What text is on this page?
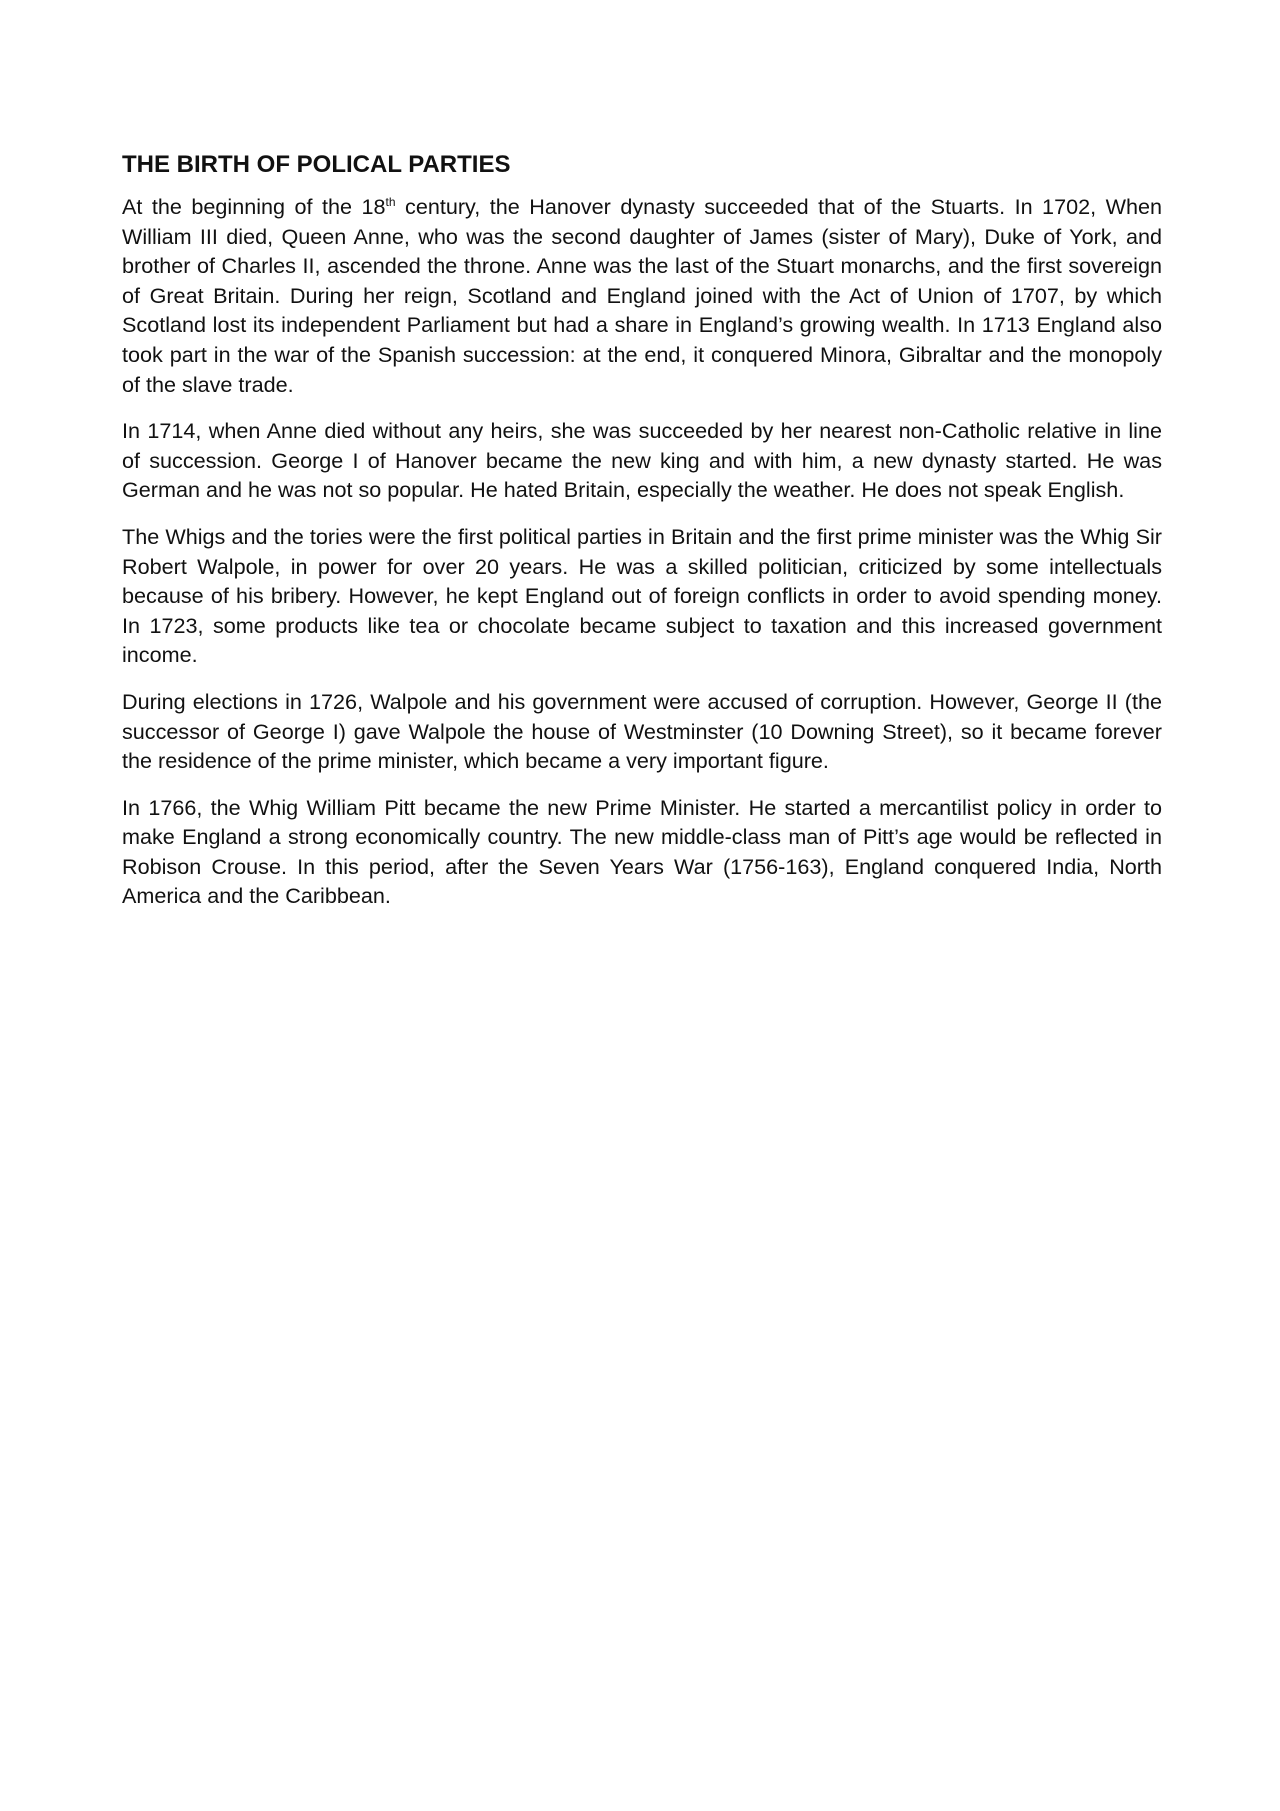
THE BIRTH OF POLICAL PARTIES

At the beginning of the 18th century, the Hanover dynasty succeeded that of the Stuarts. In 1702, When William III died, Queen Anne, who was the second daughter of James (sister of Mary), Duke of York, and brother of Charles II, ascended the throne. Anne was the last of the Stuart monarchs, and the first sovereign of Great Britain. During her reign, Scotland and England joined with the Act of Union of 1707, by which Scotland lost its independent Parliament but had a share in England’s growing wealth. In 1713 England also took part in the war of the Spanish succession: at the end, it conquered Minora, Gibraltar and the monopoly of the slave trade.

In 1714, when Anne died without any heirs, she was succeeded by her nearest non-Catholic relative in line of succession. George I of Hanover became the new king and with him, a new dynasty started. He was German and he was not so popular. He hated Britain, especially the weather. He does not speak English.

The Whigs and the tories were the first political parties in Britain and the first prime minister was the Whig Sir Robert Walpole, in power for over 20 years. He was a skilled politician, criticized by some intellectuals because of his bribery. However, he kept England out of foreign conflicts in order to avoid spending money. In 1723, some products like tea or chocolate became subject to taxation and this increased government income.

During elections in 1726, Walpole and his government were accused of corruption. However, George II (the successor of George I) gave Walpole the house of Westminster (10 Downing Street), so it became forever the residence of the prime minister, which became a very important figure.

In 1766, the Whig William Pitt became the new Prime Minister. He started a mercantilist policy in order to make England a strong economically country. The new middle-class man of Pitt’s age would be reflected in Robison Crouse. In this period, after the Seven Years War (1756-163), England conquered India, North America and the Caribbean.
